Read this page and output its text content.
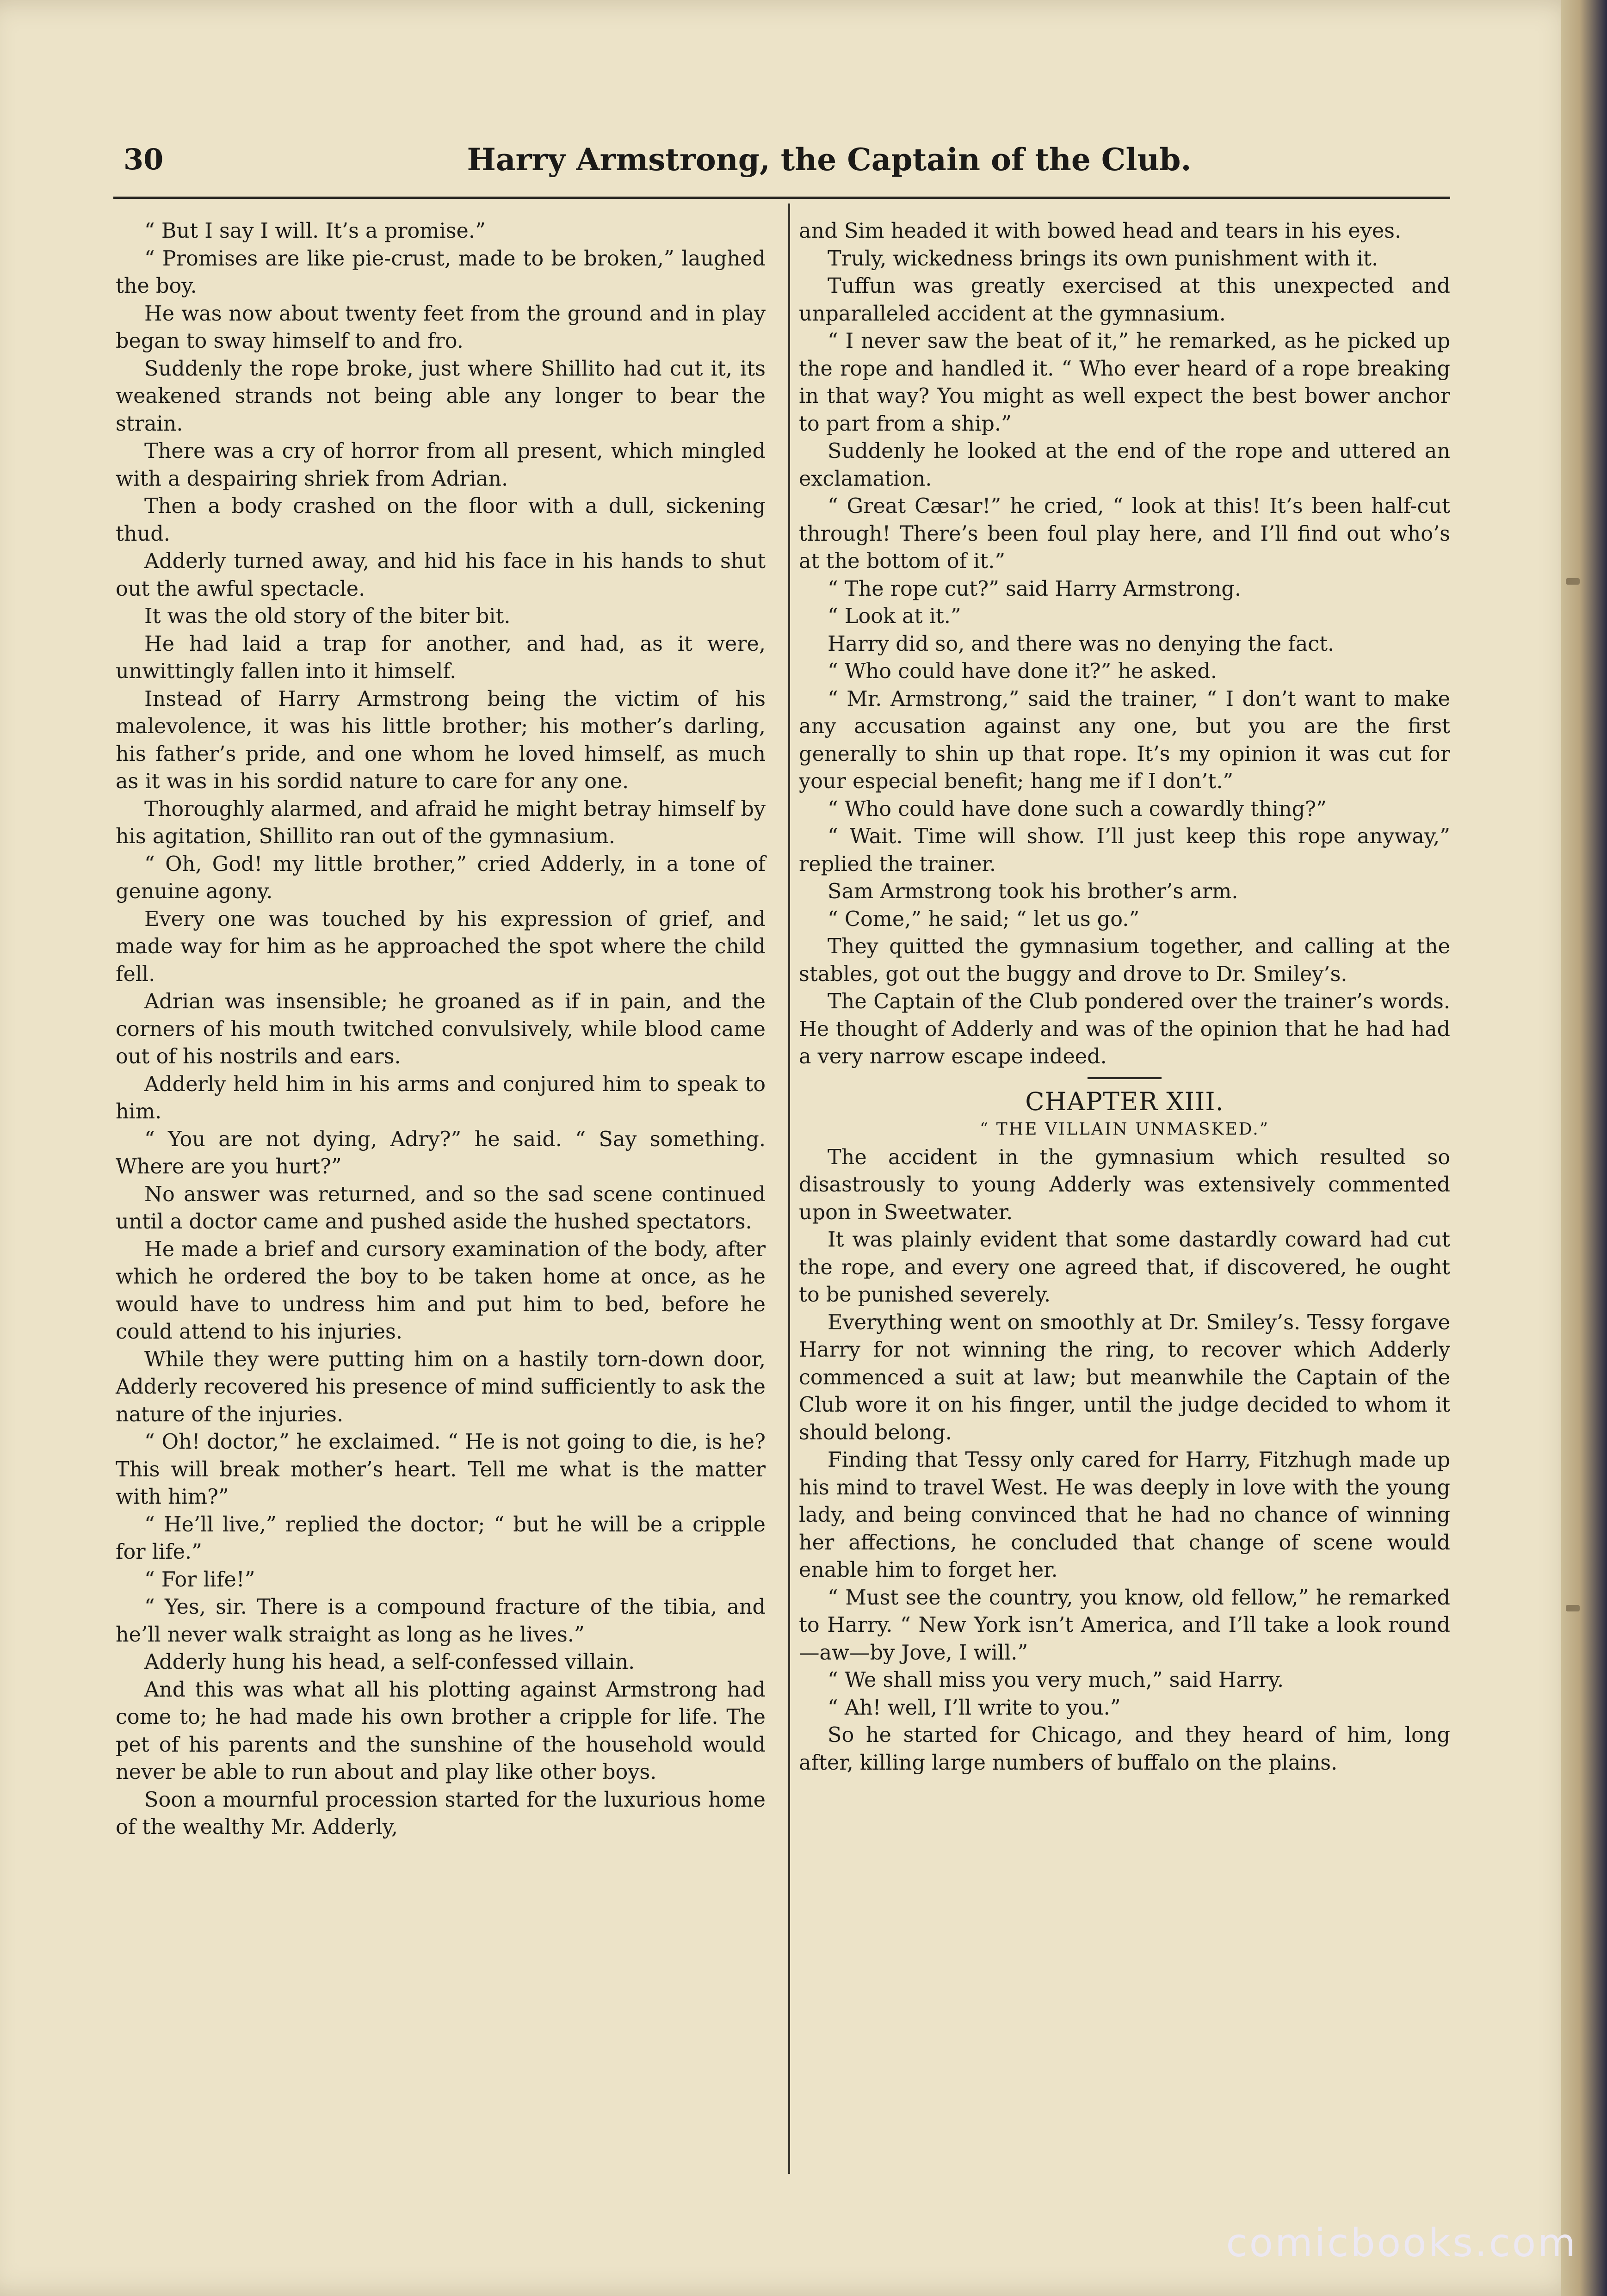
30	Harry Armstrong, the Captain of the Club.

“ But I say I will. It’s a promise.”

“ Promises are like pie-crust, made to be broken,” laughed the boy.

He was now about twenty feet from the ground and in play began to sway himself to and fro.

Suddenly the rope broke, just where Shillito had cut it, its weakened strands not being able any longer to bear the strain.

There was a cry of horror from all present, which mingled with a despairing shriek from Adrian.

Then a body crashed on the floor with a dull, sickening thud.

Adderly turned away, and hid his face in his hands to shut out the awful spectacle.

It was the old story of the biter bit.

He had laid a trap for another, and had, as it were, unwittingly fallen into it himself.

Instead of Harry Armstrong being the victim of his malevolence, it was his little brother; his mother’s darling, his father’s pride, and one whom he loved himself, as much as it was in his sordid nature to care for any one.

Thoroughly alarmed, and afraid he might betray himself by his agitation, Shillito ran out of the gymnasium.

“ Oh, God! my little brother,” cried Adderly, in a tone of genuine agony.

Every one was touched by his expression of grief, and made way for him as he approached the spot where the child fell.

Adrian was insensible; he groaned as if in pain, and the corners of his mouth twitched convulsively, while blood came out of his nostrils and ears.

Adderly held him in his arms and conjured him to speak to him.

“ You are not dying, Adry?” he said. “ Say something. Where are you hurt?”

No answer was returned, and so the sad scene continued until a doctor came and pushed aside the hushed spectators.

He made a brief and cursory examination of the body, after which he ordered the boy to be taken home at once, as he would have to undress him and put him to bed, before he could attend to his injuries.

While they were putting him on a hastily torn-down door, Adderly recovered his presence of mind sufficiently to ask the nature of the injuries.

“ Oh! doctor,” he exclaimed. “ He is not going to die, is he? This will break mother’s heart. Tell me what is the matter with him?”

“ He’ll live,” replied the doctor; “ but he will be a cripple for life.”

“ For life!”

“ Yes, sir. There is a compound fracture of the tibia, and he’ll never walk straight as long as he lives.”

Adderly hung his head, a self-confessed villain.

And this was what all his plotting against Armstrong had come to; he had made his own brother a cripple for life. The pet of his parents and the sunshine of the household would never be able to run about and play like other boys.

Soon a mournful procession started for the luxurious home of the wealthy Mr. Adderly,

and Sim headed it with bowed head and tears in his eyes.

Truly, wickedness brings its own punishment with it.

Tuffun was greatly exercised at this unexpected and unparalleled accident at the gymnasium.

“ I never saw the beat of it,” he remarked, as he picked up the rope and handled it. “ Who ever heard of a rope breaking in that way? You might as well expect the best bower anchor to part from a ship.”

Suddenly he looked at the end of the rope and uttered an exclamation.

“ Great Cæsar!” he cried, “ look at this! It’s been half-cut through! There’s been foul play here, and I’ll find out who’s at the bottom of it.”

“ The rope cut?” said Harry Armstrong.

“ Look at it.”

Harry did so, and there was no denying the fact.

“ Who could have done it?” he asked.

“ Mr. Armstrong,” said the trainer, “ I don’t want to make any accusation against any one, but you are the first generally to shin up that rope. It’s my opinion it was cut for your especial benefit; hang me if I don’t.”

“ Who could have done such a cowardly thing?”

“ Wait. Time will show. I’ll just keep this rope anyway,” replied the trainer.

Sam Armstrong took his brother’s arm.

“ Come,” he said; “ let us go.”

They quitted the gymnasium together, and calling at the stables, got out the buggy and drove to Dr. Smiley’s.

The Captain of the Club pondered over the trainer’s words. He thought of Adderly and was of the opinion that he had had a very narrow escape indeed.

CHAPTER XIII.
“ THE VILLAIN UNMASKED.”

The accident in the gymnasium which resulted so disastrously to young Adderly was extensively commented upon in Sweetwater.

It was plainly evident that some dastardly coward had cut the rope, and every one agreed that, if discovered, he ought to be punished severely.

Everything went on smoothly at Dr. Smiley’s. Tessy forgave Harry for not winning the ring, to recover which Adderly commenced a suit at law; but meanwhile the Captain of the Club wore it on his finger, until the judge decided to whom it should belong.

Finding that Tessy only cared for Harry, Fitzhugh made up his mind to travel West. He was deeply in love with the young lady, and being convinced that he had no chance of winning her affections, he concluded that change of scene would enable him to forget her.

“ Must see the country, you know, old fellow,” he remarked to Harry. “ New York isn’t America, and I’ll take a look round—aw—by Jove, I will.”

“ We shall miss you very much,” said Harry.

“ Ah! well, I’ll write to you.”

So he started for Chicago, and they heard of him, long after, killing large numbers of buffalo on the plains.

comicbooks.com
